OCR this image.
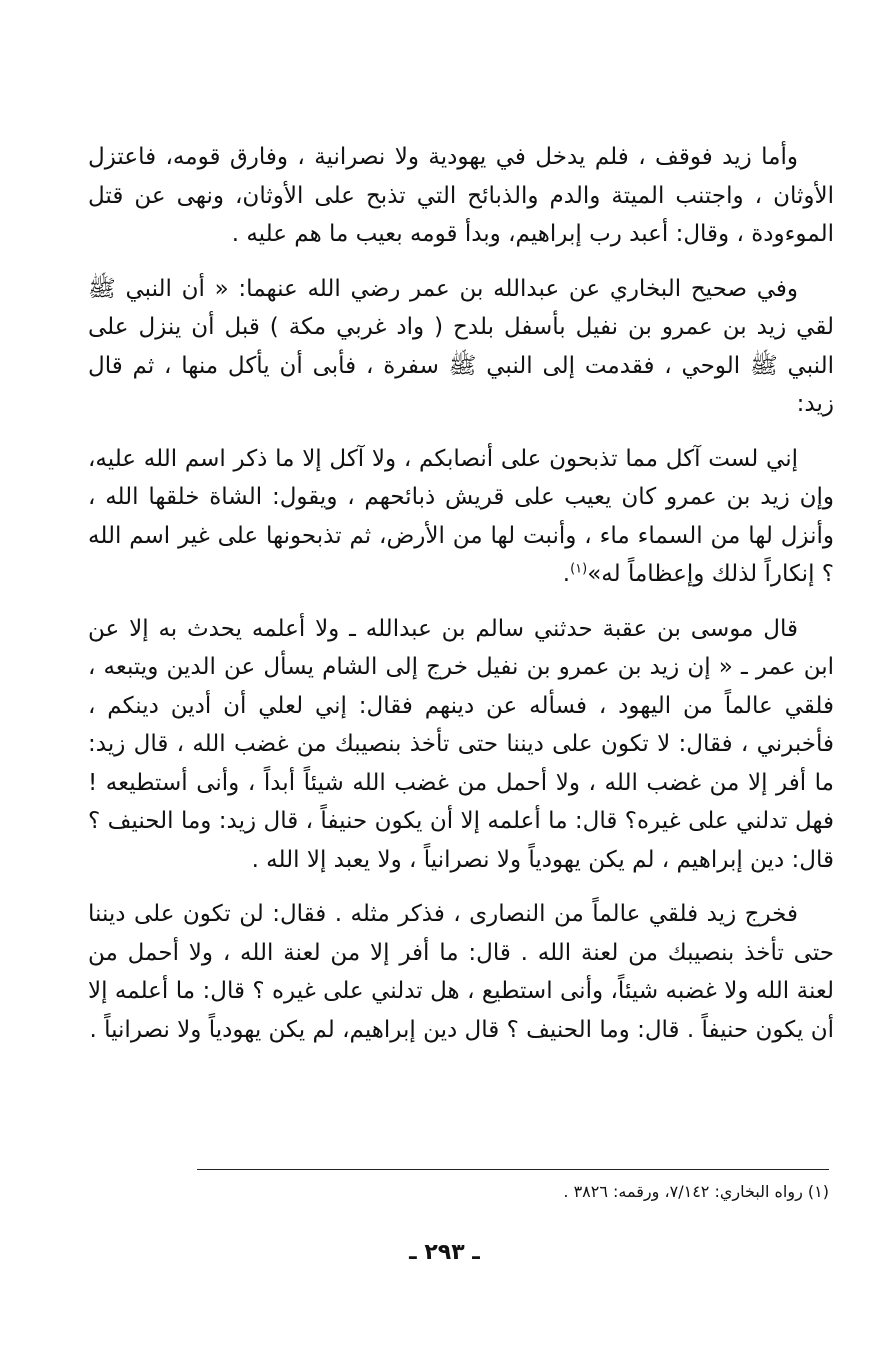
وأما زيد فوقف ، فلم يدخل في يهودية ولا نصرانية ، وفارق قومه، فاعتزل الأوثان ، واجتنب الميتة والدم والذبائح التي تذبح على الأوثان، ونهى عن قتل الموءودة ، وقال: أعبد رب إبراهيم، وبدأ قومه بعيب ما هم عليه .

وفي صحيح البخاري عن عبدالله بن عمر رضي الله عنهما: « أن النبي ﷺ لقي زيد بن عمرو بن نفيل بأسفل بلدح ( واد غربي مكة ) قبل أن ينزل على النبي ﷺ الوحي ، فقدمت إلى النبي ﷺ سفرة ، فأبى أن يأكل منها ، ثم قال زيد:

إني لست آكل مما تذبحون على أنصابكم ، ولا آكل إلا ما ذكر اسم الله عليه، وإن زيد بن عمرو كان يعيب على قريش ذبائحهم ، ويقول: الشاة خلقها الله ، وأنزل لها من السماء ماء ، وأنبت لها من الأرض، ثم تذبحونها على غير اسم الله ؟ إنكاراً لذلك وإعظاماً له»$^{(١)}$.

قال موسى بن عقبة حدثني سالم بن عبدالله ـ ولا أعلمه يحدث به إلا عن ابن عمر ـ « إن زيد بن عمرو بن نفيل خرج إلى الشام يسأل عن الدين ويتبعه ، فلقي عالماً من اليهود ، فسأله عن دينهم فقال: إني لعلي أن أدين دينكم ، فأخبرني ، فقال: لا تكون على ديننا حتى تأخذ بنصيبك من غضب الله ، قال زيد: ما أفر إلا من غضب الله ، ولا أحمل من غضب الله شيئاً أبداً ، وأنى أستطيعه ! فهل تدلني على غيره؟ قال: ما أعلمه إلا أن يكون حنيفاً ، قال زيد: وما الحنيف ؟ قال: دين إبراهيم ، لم يكن يهودياً ولا نصرانياً ، ولا يعبد إلا الله .

فخرج زيد فلقي عالماً من النصارى ، فذكر مثله . فقال: لن تكون على ديننا حتى تأخذ بنصيبك من لعنة الله . قال: ما أفر إلا من لعنة الله ، ولا أحمل من لعنة الله ولا غضبه شيئاً، وأنى استطيع ، هل تدلني على غيره ؟ قال: ما أعلمه إلا أن يكون حنيفاً . قال: وما الحنيف ؟ قال دين إبراهيم، لم يكن يهودياً ولا نصرانياً .

(١) رواه البخاري: ٧/١٤٢، ورقمه: ٣٨٢٦ .
ـ ٢٩٣ ـ
